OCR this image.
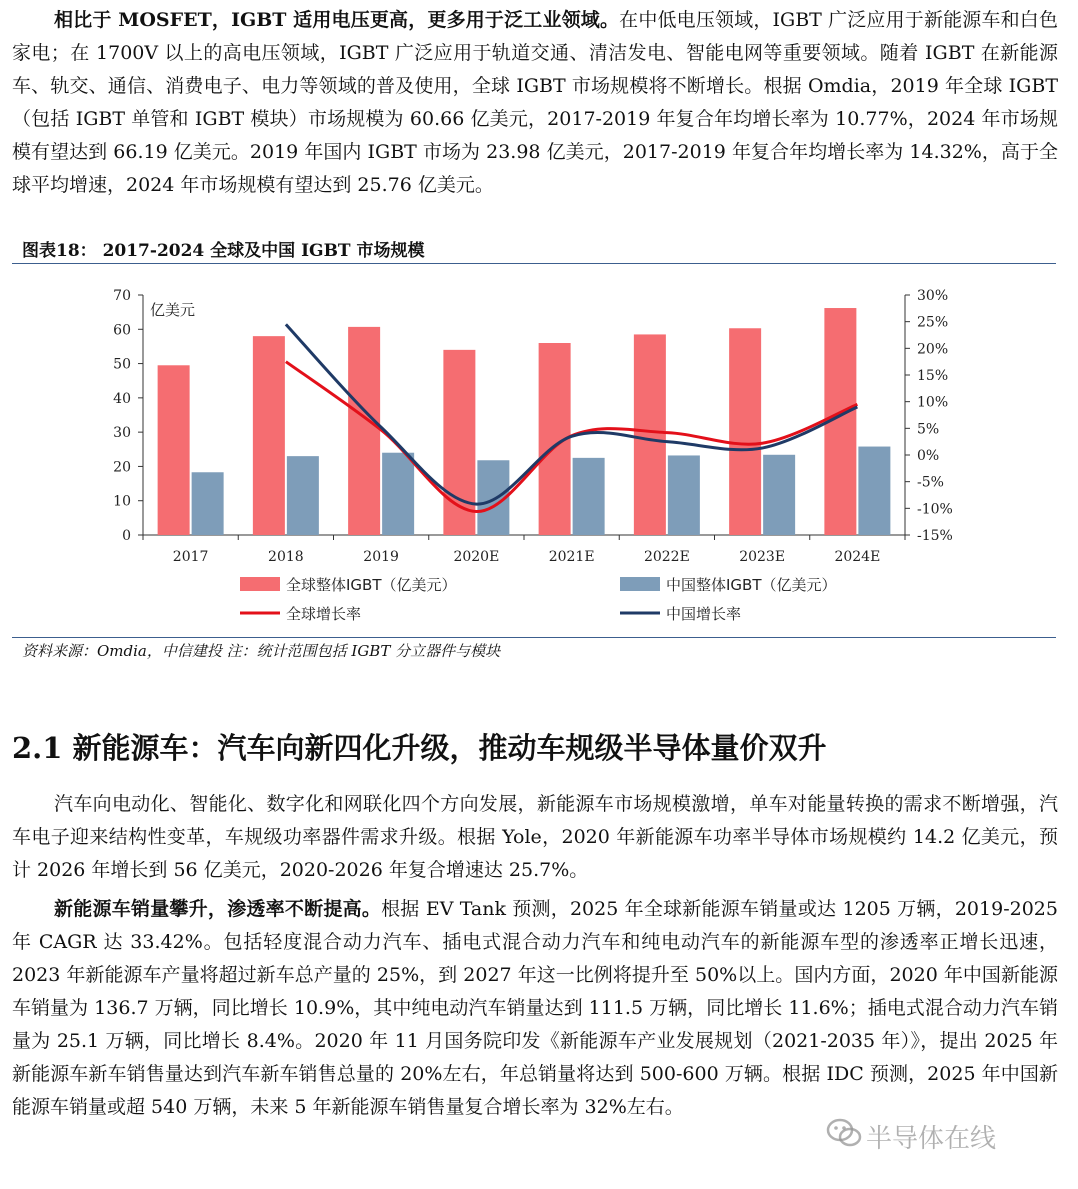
相比于 MOSFET，IGBT 适用电压更高，更多用于泛工业领域。在中低电压领域，IGBT 广泛应用于新能源车和白色家电；在 1700V 以上的高电压领域，IGBT 广泛应用于轨道交通、清洁发电、智能电网等重要领域。随着 IGBT 在新能源车、轨交、通信、消费电子、电力等领域的普及使用，全球 IGBT 市场规模将不断增长。根据 Omdia，2019 年全球 IGBT（包括 IGBT 单管和 IGBT 模块）市场规模为 60.66 亿美元，2017-2019 年复合年均增长率为 10.77%，2024 年市场规模有望达到 66.19 亿美元。2019 年国内 IGBT 市场为 23.98 亿美元，2017-2019 年复合年均增长率为 14.32%，高于全球平均增速，2024 年市场规模有望达到 25.76 亿美元。

图表18： 2017-2024 全球及中国 IGBT 市场规模
0
10
20
30
40
50
60
70
-15%
-10%
-5%
0%
5%
10%
15%
20%
25%
30%
亿美元
2017	2018	2019	2020E	2021E	2022E	2023E	2024E
全球整体IGBT（亿美元）	中国整体IGBT（亿美元）
全球增长率	中国增长率
资料来源：Omdia，中信建投 注：统计范围包括 IGBT 分立器件与模块
2.1 新能源车：汽车向新四化升级，推动车规级半导体量价双升

汽车向电动化、智能化、数字化和网联化四个方向发展，新能源车市场规模激增，单车对能量转换的需求不断增强，汽车电子迎来结构性变革，车规级功率器件需求升级。根据 Yole，2020 年新能源车功率半导体市场规模约 14.2 亿美元，预计 2026 年增长到 56 亿美元，2020-2026 年复合增速达 25.7%。

新能源车销量攀升，渗透率不断提高。根据 EV Tank 预测，2025 年全球新能源车销量或达 1205 万辆，2019-2025 年 CAGR 达 33.42%。包括轻度混合动力汽车、插电式混合动力汽车和纯电动汽车的新能源车型的渗透率正增长迅速，2023 年新能源车产量将超过新车总产量的 25%，到 2027 年这一比例将提升至 50%以上。国内方面，2020 年中国新能源车销量为 136.7 万辆，同比增长 10.9%，其中纯电动汽车销量达到 111.5 万辆，同比增长 11.6%；插电式混合动力汽车销量为 25.1 万辆，同比增长 8.4%。2020 年 11 月国务院印发《新能源车产业发展规划（2021-2035 年）》，提出 2025 年新能源车新车销售量达到汽车新车销售总量的 20%左右，年总销量将达到 500-600 万辆。根据 IDC 预测，2025 年中国新能源车销量或超 540 万辆，未来 5 年新能源车销售量复合增长率为 32%左右。

半导体在线
